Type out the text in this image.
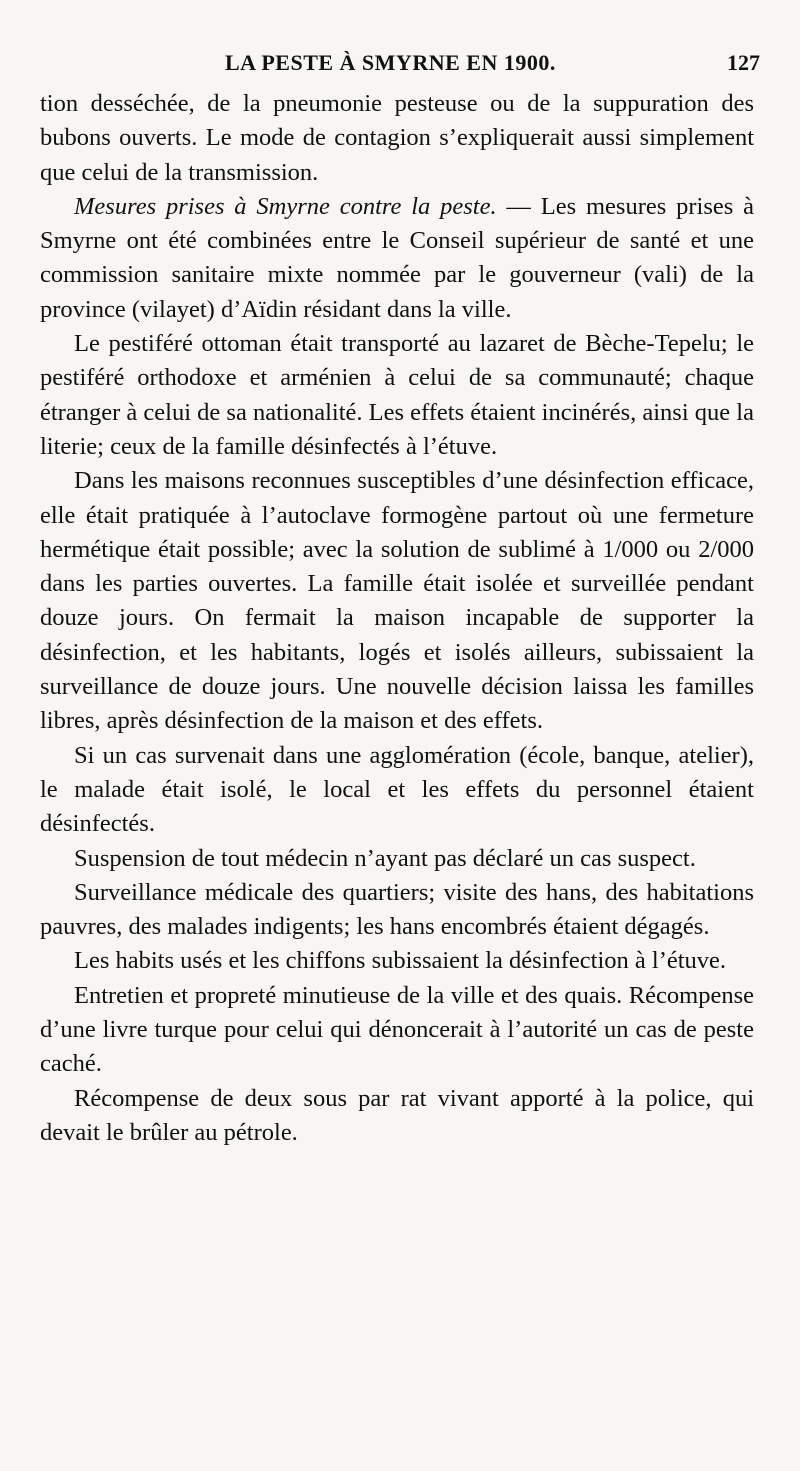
LA PESTE À SMYRNE EN 1900.	127

tion desséchée, de la pneumonie pesteuse ou de la suppuration des bubons ouverts. Le mode de contagion s’expliquerait aussi simplement que celui de la transmission.

Mesures prises à Smyrne contre la peste. — Les mesures prises à Smyrne ont été combinées entre le Conseil supérieur de santé et une commission sanitaire mixte nommée par le gouverneur (vali) de la province (vilayet) d’Aïdin résidant dans la ville.

Le pestiféré ottoman était transporté au lazaret de Bèche-Tepelu; le pestiféré orthodoxe et arménien à celui de sa communauté; chaque étranger à celui de sa nationalité. Les effets étaient incinérés, ainsi que la literie; ceux de la famille désinfectés à l’étuve.

Dans les maisons reconnues susceptibles d’une désinfection efficace, elle était pratiquée à l’autoclave formogène partout où une fermeture hermétique était possible; avec la solution de sublimé à 1/000 ou 2/000 dans les parties ouvertes. La famille était isolée et surveillée pendant douze jours. On fermait la maison incapable de supporter la désinfection, et les habitants, logés et isolés ailleurs, subissaient la surveillance de douze jours. Une nouvelle décision laissa les familles libres, après désinfection de la maison et des effets.

Si un cas survenait dans une agglomération (école, banque, atelier), le malade était isolé, le local et les effets du personnel étaient désinfectés.

Suspension de tout médecin n’ayant pas déclaré un cas suspect.

Surveillance médicale des quartiers; visite des hans, des habitations pauvres, des malades indigents; les hans encombrés étaient dégagés.

Les habits usés et les chiffons subissaient la désinfection à l’étuve.

Entretien et propreté minutieuse de la ville et des quais. Récompense d’une livre turque pour celui qui dénoncerait à l’autorité un cas de peste caché.

Récompense de deux sous par rat vivant apporté à la police, qui devait le brûler au pétrole.
